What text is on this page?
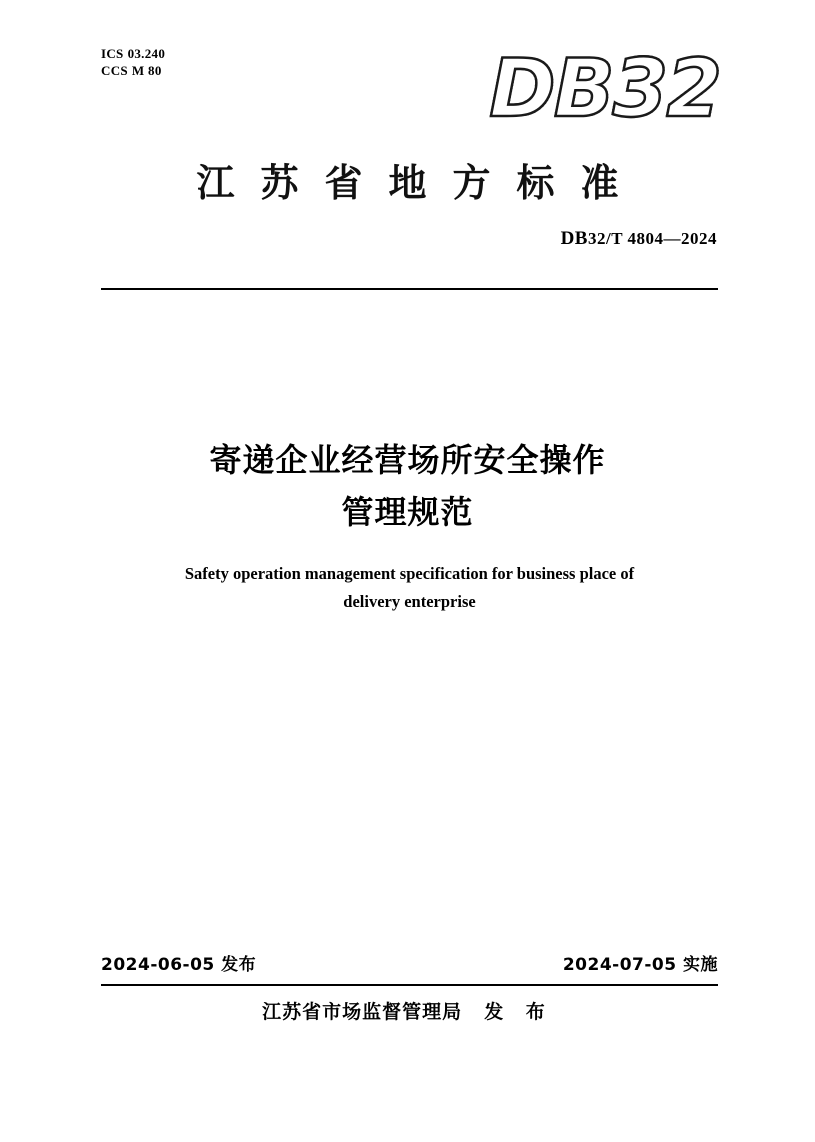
ICS 03.240
CCS M 80	DB32
江苏省地方标准
DB32/T 4804—2024
寄递企业经营场所安全操作
管理规范
Safety operation management specification for business place of
delivery enterprise
2024-06-05 发布	2024-07-05 实施
江苏省市场监督管理局 发 布
